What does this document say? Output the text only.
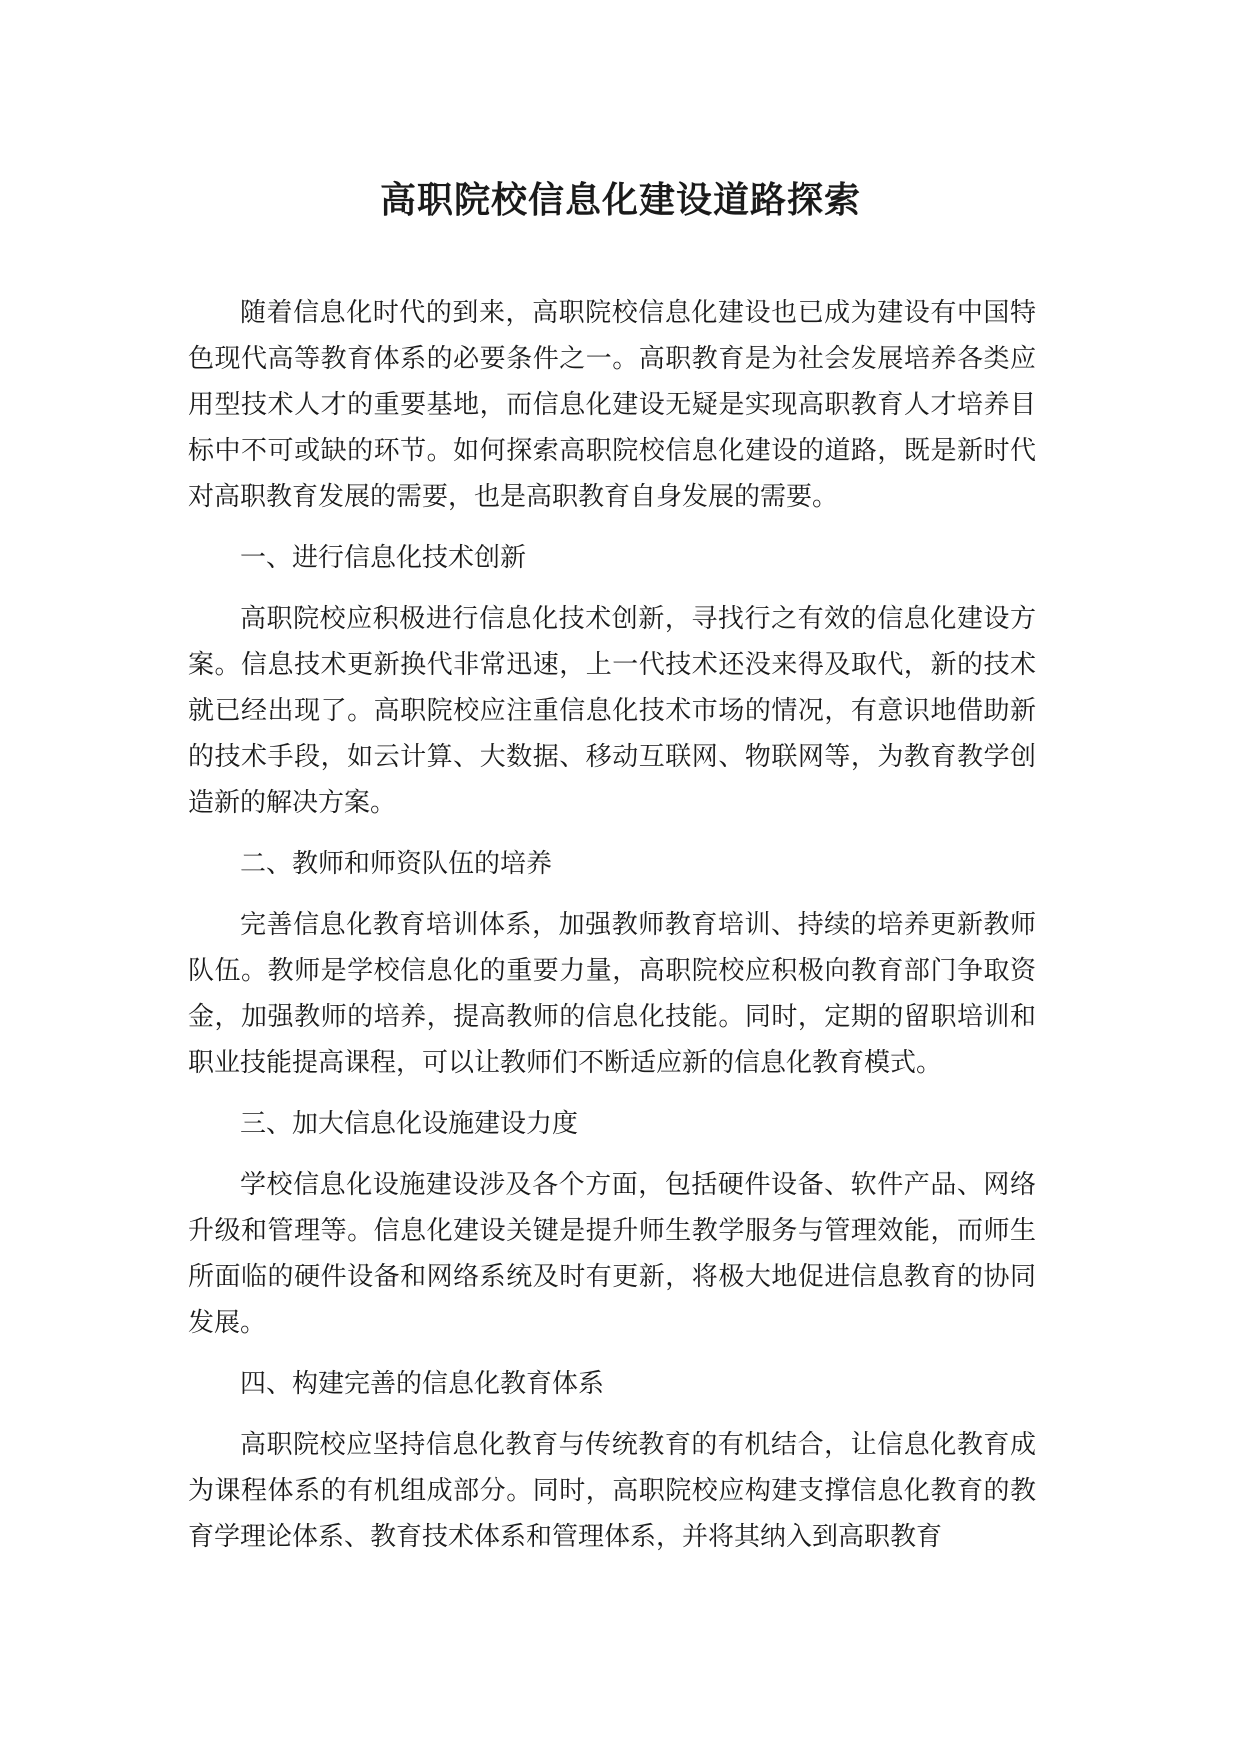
高职院校信息化建设道路探索

随着信息化时代的到来，高职院校信息化建设也已成为建设有中国特色现代高等教育体系的必要条件之一。高职教育是为社会发展培养各类应用型技术人才的重要基地，而信息化建设无疑是实现高职教育人才培养目标中不可或缺的环节。如何探索高职院校信息化建设的道路，既是新时代对高职教育发展的需要，也是高职教育自身发展的需要。

一、进行信息化技术创新

高职院校应积极进行信息化技术创新，寻找行之有效的信息化建设方案。信息技术更新换代非常迅速，上一代技术还没来得及取代，新的技术就已经出现了。高职院校应注重信息化技术市场的情况，有意识地借助新的技术手段，如云计算、大数据、移动互联网、物联网等，为教育教学创造新的解决方案。

二、教师和师资队伍的培养

完善信息化教育培训体系，加强教师教育培训、持续的培养更新教师队伍。教师是学校信息化的重要力量，高职院校应积极向教育部门争取资金，加强教师的培养，提高教师的信息化技能。同时，定期的留职培训和职业技能提高课程，可以让教师们不断适应新的信息化教育模式。

三、加大信息化设施建设力度

学校信息化设施建设涉及各个方面，包括硬件设备、软件产品、网络升级和管理等。信息化建设关键是提升师生教学服务与管理效能，而师生所面临的硬件设备和网络系统及时有更新，将极大地促进信息教育的协同发展。

四、构建完善的信息化教育体系

高职院校应坚持信息化教育与传统教育的有机结合，让信息化教育成为课程体系的有机组成部分。同时，高职院校应构建支撑信息化教育的教育学理论体系、教育技术体系和管理体系，并将其纳入到高职教育
